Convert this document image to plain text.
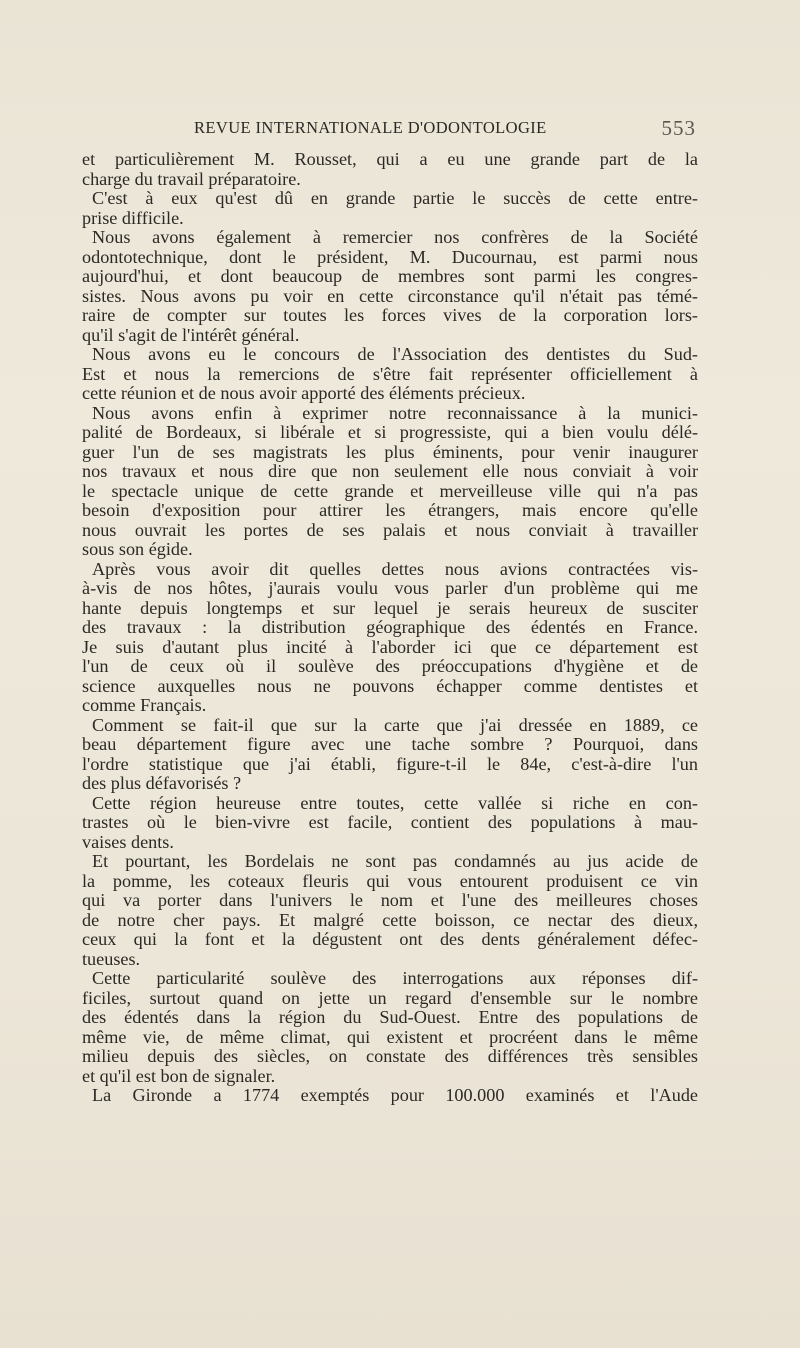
REVUE INTERNATIONALE D'ODONTOLOGIE	553
et particulièrement M. Rousset, qui a eu une grande part de la
charge du travail préparatoire.
C'est à eux qu'est dû en grande partie le succès de cette entre-
prise difficile.
Nous avons également à remercier nos confrères de la Société
odontotechnique, dont le président, M. Ducournau, est parmi nous
aujourd'hui, et dont beaucoup de membres sont parmi les congres-
sistes. Nous avons pu voir en cette circonstance qu'il n'était pas témé-
raire de compter sur toutes les forces vives de la corporation lors-
qu'il s'agit de l'intérêt général.
Nous avons eu le concours de l'Association des dentistes du Sud-
Est et nous la remercions de s'être fait représenter officiellement à
cette réunion et de nous avoir apporté des éléments précieux.
Nous avons enfin à exprimer notre reconnaissance à la munici-
palité de Bordeaux, si libérale et si progressiste, qui a bien voulu délé-
guer l'un de ses magistrats les plus éminents, pour venir inaugurer
nos travaux et nous dire que non seulement elle nous conviait à voir
le spectacle unique de cette grande et merveilleuse ville qui n'a pas
besoin d'exposition pour attirer les étrangers, mais encore qu'elle
nous ouvrait les portes de ses palais et nous conviait à travailler
sous son égide.
Après vous avoir dit quelles dettes nous avions contractées vis-
à-vis de nos hôtes, j'aurais voulu vous parler d'un problème qui me
hante depuis longtemps et sur lequel je serais heureux de susciter
des travaux : la distribution géographique des édentés en France.
Je suis d'autant plus incité à l'aborder ici que ce département est
l'un de ceux où il soulève des préoccupations d'hygiène et de
science auxquelles nous ne pouvons échapper comme dentistes et
comme Français.
Comment se fait-il que sur la carte que j'ai dressée en 1889, ce
beau département figure avec une tache sombre ? Pourquoi, dans
l'ordre statistique que j'ai établi, figure-t-il le 84e, c'est-à-dire l'un
des plus défavorisés ?
Cette région heureuse entre toutes, cette vallée si riche en con-
trastes où le bien-vivre est facile, contient des populations à mau-
vaises dents.
Et pourtant, les Bordelais ne sont pas condamnés au jus acide de
la pomme, les coteaux fleuris qui vous entourent produisent ce vin
qui va porter dans l'univers le nom et l'une des meilleures choses
de notre cher pays. Et malgré cette boisson, ce nectar des dieux,
ceux qui la font et la dégustent ont des dents généralement défec-
tueuses.
Cette particularité soulève des interrogations aux réponses dif-
ficiles, surtout quand on jette un regard d'ensemble sur le nombre
des édentés dans la région du Sud-Ouest. Entre des populations de
même vie, de même climat, qui existent et procréent dans le même
milieu depuis des siècles, on constate des différences très sensibles
et qu'il est bon de signaler.
La Gironde a 1774 exemptés pour 100.000 examinés et l'Aude
